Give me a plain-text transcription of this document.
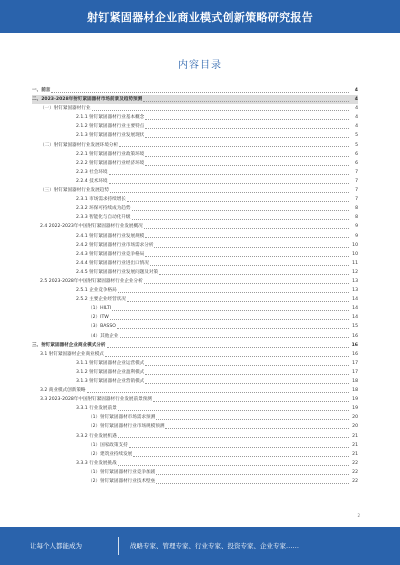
射钉紧固器材企业商业模式创新策略研究报告
内容目录
一、前言	4
二、2023-2028年射钉紧固器材市场前景及趋势预测	4
（一）射钉紧固器材行业	4
2.1.1 射钉紧固器材行业基本概念	4
2.1.2 射钉紧固器材行业主要特点	4
2.1.3 射钉紧固器材行业发展现状	5
（二）射钉紧固器材行业发展环境分析	5
2.2.1 射钉紧固器材行业政策环境	6
2.2.2 射钉紧固器材行业经济环境	6
2.2.3 社会环境	7
2.2.4 技术环境	7
（三）射钉紧固器材行业发展趋势	7
2.3.1 市场需求持续增长	7
2.3.2 环保可持续成为趋势	8
2.3.3 智能化与自动化升级	8
2.4 2022-2023年中国射钉紧固器材行业发展概况	9
2.4.1 射钉紧固器材行业发展规模	9
2.4.2 射钉紧固器材行业市场需求分析	10
2.4.3 射钉紧固器材行业竞争格局	10
2.4.4 射钉紧固器材行业进出口情况	11
2.4.5 射钉紧固器材行业发展问题及对策	12
2.5 2023-2028年中国射钉紧固器材行业企业分析	13
2.5.1 企业竞争格局	13
2.5.2 主要企业经营状况	14
（1）HILTI	14
（2）ITW	14
（3）BASSO	15
（4）其他企业	16
三、射钉紧固器材企业商业模式分析	16
3.1 射钉紧固器材企业商业模式	16
3.1.1 射钉紧固器材企业运营模式	17
3.1.2 射钉紧固器材企业盈利模式	17
3.1.3 射钉紧固器材企业营销模式	18
3.2 商业模式创新策略	18
3.3 2023-2028年中国射钉紧固器材行业发展前景预测	19
3.3.1 行业发展前景	19
（1）射钉紧固器材市场需求预测	20
（2）射钉紧固器材行业市场规模预测	20
3.3.2 行业发展机遇	21
（1）国家政策支持	21
（2）建筑业持续发展	21
3.3.3 行业发展挑战	22
（1）射钉紧固器材行业竞争加剧	22
（2）射钉紧固器材行业技术壁垒	22
2
让每个人都能成为	战略专家、管理专家、行业专家、投资专家、企业专家……
